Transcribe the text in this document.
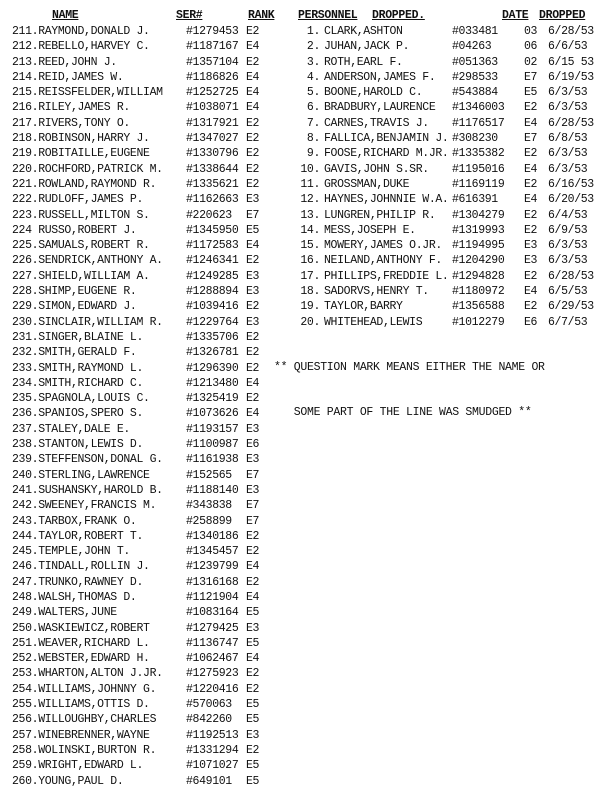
NAME	SER#	RANK PERSONNEL DROPPED.	DATE DROPPED
211.RAYMOND,DONALD J.	#1279453 E2
212.REBELLO,HARVEY C.	#1187167 E4
213.REED,JOHN J.	#1357104 E2
214.REID,JAMES W.	#1186826 E4
215.REISSFELDER,WILLIAM	#1252725 E4
216.RILEY,JAMES R.	#1038071 E4
217.RIVERS,TONY O.	#1317921 E2
218.ROBINSON,HARRY J.	#1347027 E2
219.ROBITAILLE,EUGENE	#1330796 E2
220.ROCHFORD,PATRICK M.	#1338644 E2
221.ROWLAND,RAYMOND R.	#1335621 E2
222.RUDLOFF,JAMES P.	#1162663 E3
223.RUSSELL,MILTON S.	#220623	E7
224 RUSSO,ROBERT J.	#1345950 E5
225.SAMUALS,ROBERT R.	#1172583 E4
226.SENDRICK,ANTHONY A.	#1246341 E2
227.SHIELD,WILLIAM A.	#1249285 E3
228.SHIMP,EUGENE R.	#1288894 E3
229.SIMON,EDWARD J.	#1039416 E2
230.SINCLAIR,WILLIAM R.	#1229764 E3
231.SINGER,BLAINE L.	#1335706 E2
232.SMITH,GERALD F.	#1326781 E2
233.SMITH,RAYMOND L.	#1296390 E2
234.SMITH,RICHARD C.	#1213480 E4
235.SPAGNOLA,LOUIS C.	#1325419 E2
236.SPANIOS,SPERO S.	#1073626 E4
237.STALEY,DALE E.	#1193157 E3
238.STANTON,LEWIS D.	#1100987 E6
239.STEFFENSON,DONAL G.	#1161938 E3
240.STERLING,LAWRENCE	#152565	E7
241.SUSHANSKY,HAROLD B.	#1188140 E3
242.SWEENEY,FRANCIS M.	#343838	E7
243.TARBOX,FRANK O.	#258899	E7
244.TAYLOR,ROBERT T.	#1340186 E2
245.TEMPLE,JOHN T.	#1345457 E2
246.TINDALL,ROLLIN J.	#1239799 E4
247.TRUNKO,RAWNEY D.	#1316168 E2
248.WALSH,THOMAS D.	#1121904 E4
249.WALTERS,JUNE	#1083164 E5
250.WASKIEWICZ,ROBERT	#1279425 E3
251.WEAVER,RICHARD L.	#1136747 E5
252.WEBSTER,EDWARD H.	#1062467 E4
253.WHARTON,ALTON J.JR.	#1275923 E2
254.WILLIAMS,JOHNNY G.	#1220416 E2
255.WILLIAMS,OTTIS D.	#570063	E5
256.WILLOUGHBY,CHARLES	#842260	E5
257.WINEBRENNER,WAYNE	#1192513 E3
258.WOLINSKI,BURTON R.	#1331294 E2
259.WRIGHT,EDWARD L.	#1071027 E5
260.YOUNG,PAUL D.	#649101	E5
1. CLARK,ASHTON	#033481	03 6/28/53
2. JUHAN,JACK P.	#04263	06 6/6/53
3. ROTH,EARL F.	#051363	02 6/15 53
4. ANDERSON,JAMES F.	#298533	E7 6/19/53
5. BOONE,HAROLD C.	#543884	E5 6/3/53
6. BRADBURY,LAURENCE	#1346003	E2 6/3/53
7. CARNES,TRAVIS J.	#1176517	E4 6/28/53
8. FALLICA,BENJAMIN J. #308230	E7 6/8/53
9. FOOSE,RICHARD M.JR. #1335382	E2 6/3/53
10. GAVIS,JOHN S.SR.	#1195016	E4 6/3/53
11. GROSSMAN,DUKE	#1169119	E2 6/16/53
12. HAYNES,JOHNNIE W.A. #616391	E4 6/20/53
13. LUNGREN,PHILIP R.	#1304279	E2 6/4/53
14. MESS,JOSEPH E.	#1319993	E2 6/9/53
15. MOWERY,JAMES O.JR. #1194995	E3 6/3/53
16. NEILAND,ANTHONY F. #1204290	E3 6/3/53
17. PHILLIPS,FREDDIE L. #1294828	E2 6/28/53
18. SADORVS,HENRY T.	#1180972	E4 6/5/53
19. TAYLOR,BARRY	#1356588	E2 6/29/53
20. WHITEHEAD,LEWIS	#1012279	E6 6/7/53

** QUESTION MARK MEANS EITHER THE NAME OR

SOME PART OF THE LINE WAS SMUDGED **
